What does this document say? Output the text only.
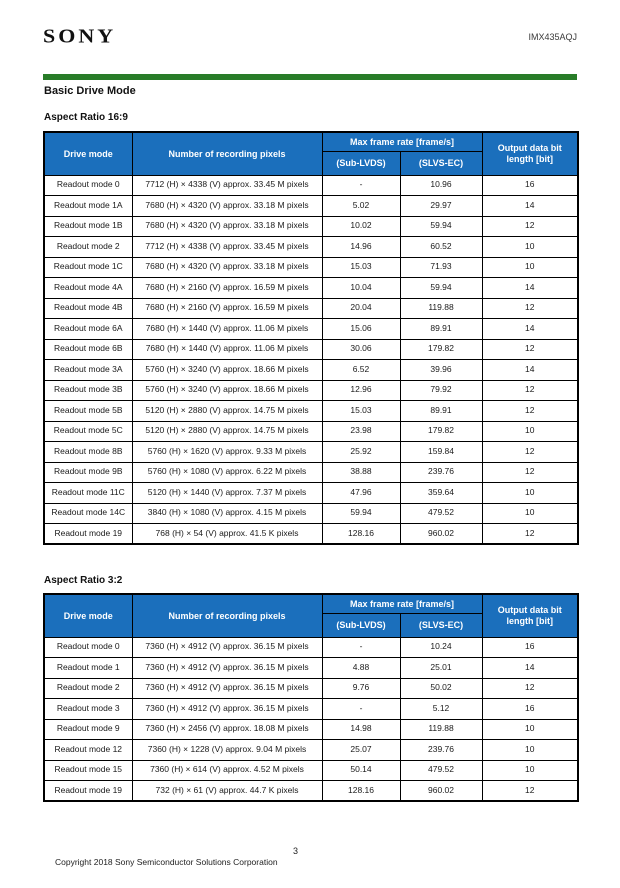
SONY	IMX435AQJ
Basic Drive Mode
Aspect Ratio 16:9
Drive mode	Number of recording pixels	Max frame rate [frame/s]		Output data bit length [bit]
		(Sub-LVDS)	(SLVS-EC)	
Readout mode 0	7712 (H) × 4338 (V) approx. 33.45 M pixels	-	10.96	16
Readout mode 1A	7680 (H) × 4320 (V) approx. 33.18 M pixels	5.02	29.97	14
Readout mode 1B	7680 (H) × 4320 (V) approx. 33.18 M pixels	10.02	59.94	12
Readout mode 2	7712 (H) × 4338 (V) approx. 33.45 M pixels	14.96	60.52	10
Readout mode 1C	7680 (H) × 4320 (V) approx. 33.18 M pixels	15.03	71.93	10
Readout mode 4A	7680 (H) × 2160 (V) approx. 16.59 M pixels	10.04	59.94	14
Readout mode 4B	7680 (H) × 2160 (V) approx. 16.59 M pixels	20.04	119.88	12
Readout mode 6A	7680 (H) × 1440 (V) approx. 11.06 M pixels	15.06	89.91	14
Readout mode 6B	7680 (H) × 1440 (V) approx. 11.06 M pixels	30.06	179.82	12
Readout mode 3A	5760 (H) × 3240 (V) approx. 18.66 M pixels	6.52	39.96	14
Readout mode 3B	5760 (H) × 3240 (V) approx. 18.66 M pixels	12.96	79.92	12
Readout mode 5B	5120 (H) × 2880 (V) approx. 14.75 M pixels	15.03	89.91	12
Readout mode 5C	5120 (H) × 2880 (V) approx. 14.75 M pixels	23.98	179.82	10
Readout mode 8B	5760 (H) × 1620 (V) approx. 9.33 M pixels	25.92	159.84	12
Readout mode 9B	5760 (H) × 1080 (V) approx. 6.22 M pixels	38.88	239.76	12
Readout mode 11C	5120 (H) × 1440 (V) approx. 7.37 M pixels	47.96	359.64	10
Readout mode 14C	3840 (H) × 1080 (V) approx. 4.15 M pixels	59.94	479.52	10
Readout mode 19	768 (H) × 54 (V) approx. 41.5 K pixels	128.16	960.02	12
Aspect Ratio 3:2
Drive mode	Number of recording pixels	Max frame rate [frame/s]		Output data bit length [bit]
		(Sub-LVDS)	(SLVS-EC)	
Readout mode 0	7360 (H) × 4912 (V) approx. 36.15 M pixels	-	10.24	16
Readout mode 1	7360 (H) × 4912 (V) approx. 36.15 M pixels	4.88	25.01	14
Readout mode 2	7360 (H) × 4912 (V) approx. 36.15 M pixels	9.76	50.02	12
Readout mode 3	7360 (H) × 4912 (V) approx. 36.15 M pixels	-	5.12	16
Readout mode 9	7360 (H) × 2456 (V) approx. 18.08 M pixels	14.98	119.88	10
Readout mode 12	7360 (H) × 1228 (V) approx. 9.04 M pixels	25.07	239.76	10
Readout mode 15	7360 (H) × 614 (V) approx. 4.52 M pixels	50.14	479.52	10
Readout mode 19	732 (H) × 61 (V) approx. 44.7 K pixels	128.16	960.02	12
3
Copyright 2018 Sony Semiconductor Solutions Corporation
